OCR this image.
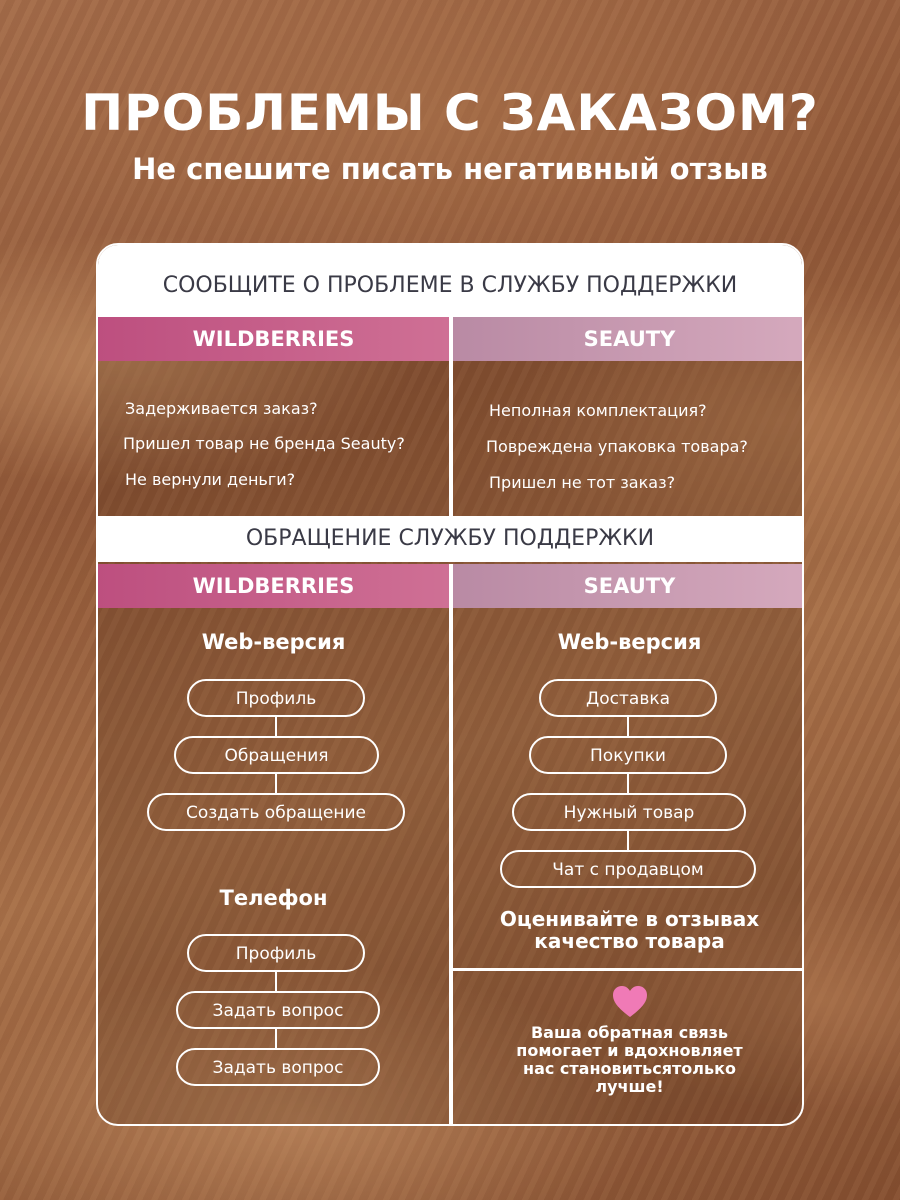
ПРОБЛЕМЫ С ЗАКАЗОМ?
Не спешите писать негативный отзыв
СООБЩИТЕ О ПРОБЛЕМЕ В СЛУЖБУ ПОДДЕРЖКИ
WILDBERRIES	SEAUTY
Задерживается заказ?
Пришел товар не бренда Seauty?
Не вернули деньги?
Неполная комплектация?
Повреждена упаковка товара?
Пришел не тот заказ?
ОБРАЩЕНИЕ СЛУЖБУ ПОДДЕРЖКИ
WILDBERRIES	SEAUTY
Web-версия
Профиль
Обращения
Создать обращение
Телефон
Профиль
Задать вопрос
Задать вопрос
Web-версия
Доставка
Покупки
Нужный товар
Чат с продавцом
Оценивайте в отзывах
качество товара
Ваша обратная связь
помогает и вдохновляет
нас становитьсятолько
лучше!
